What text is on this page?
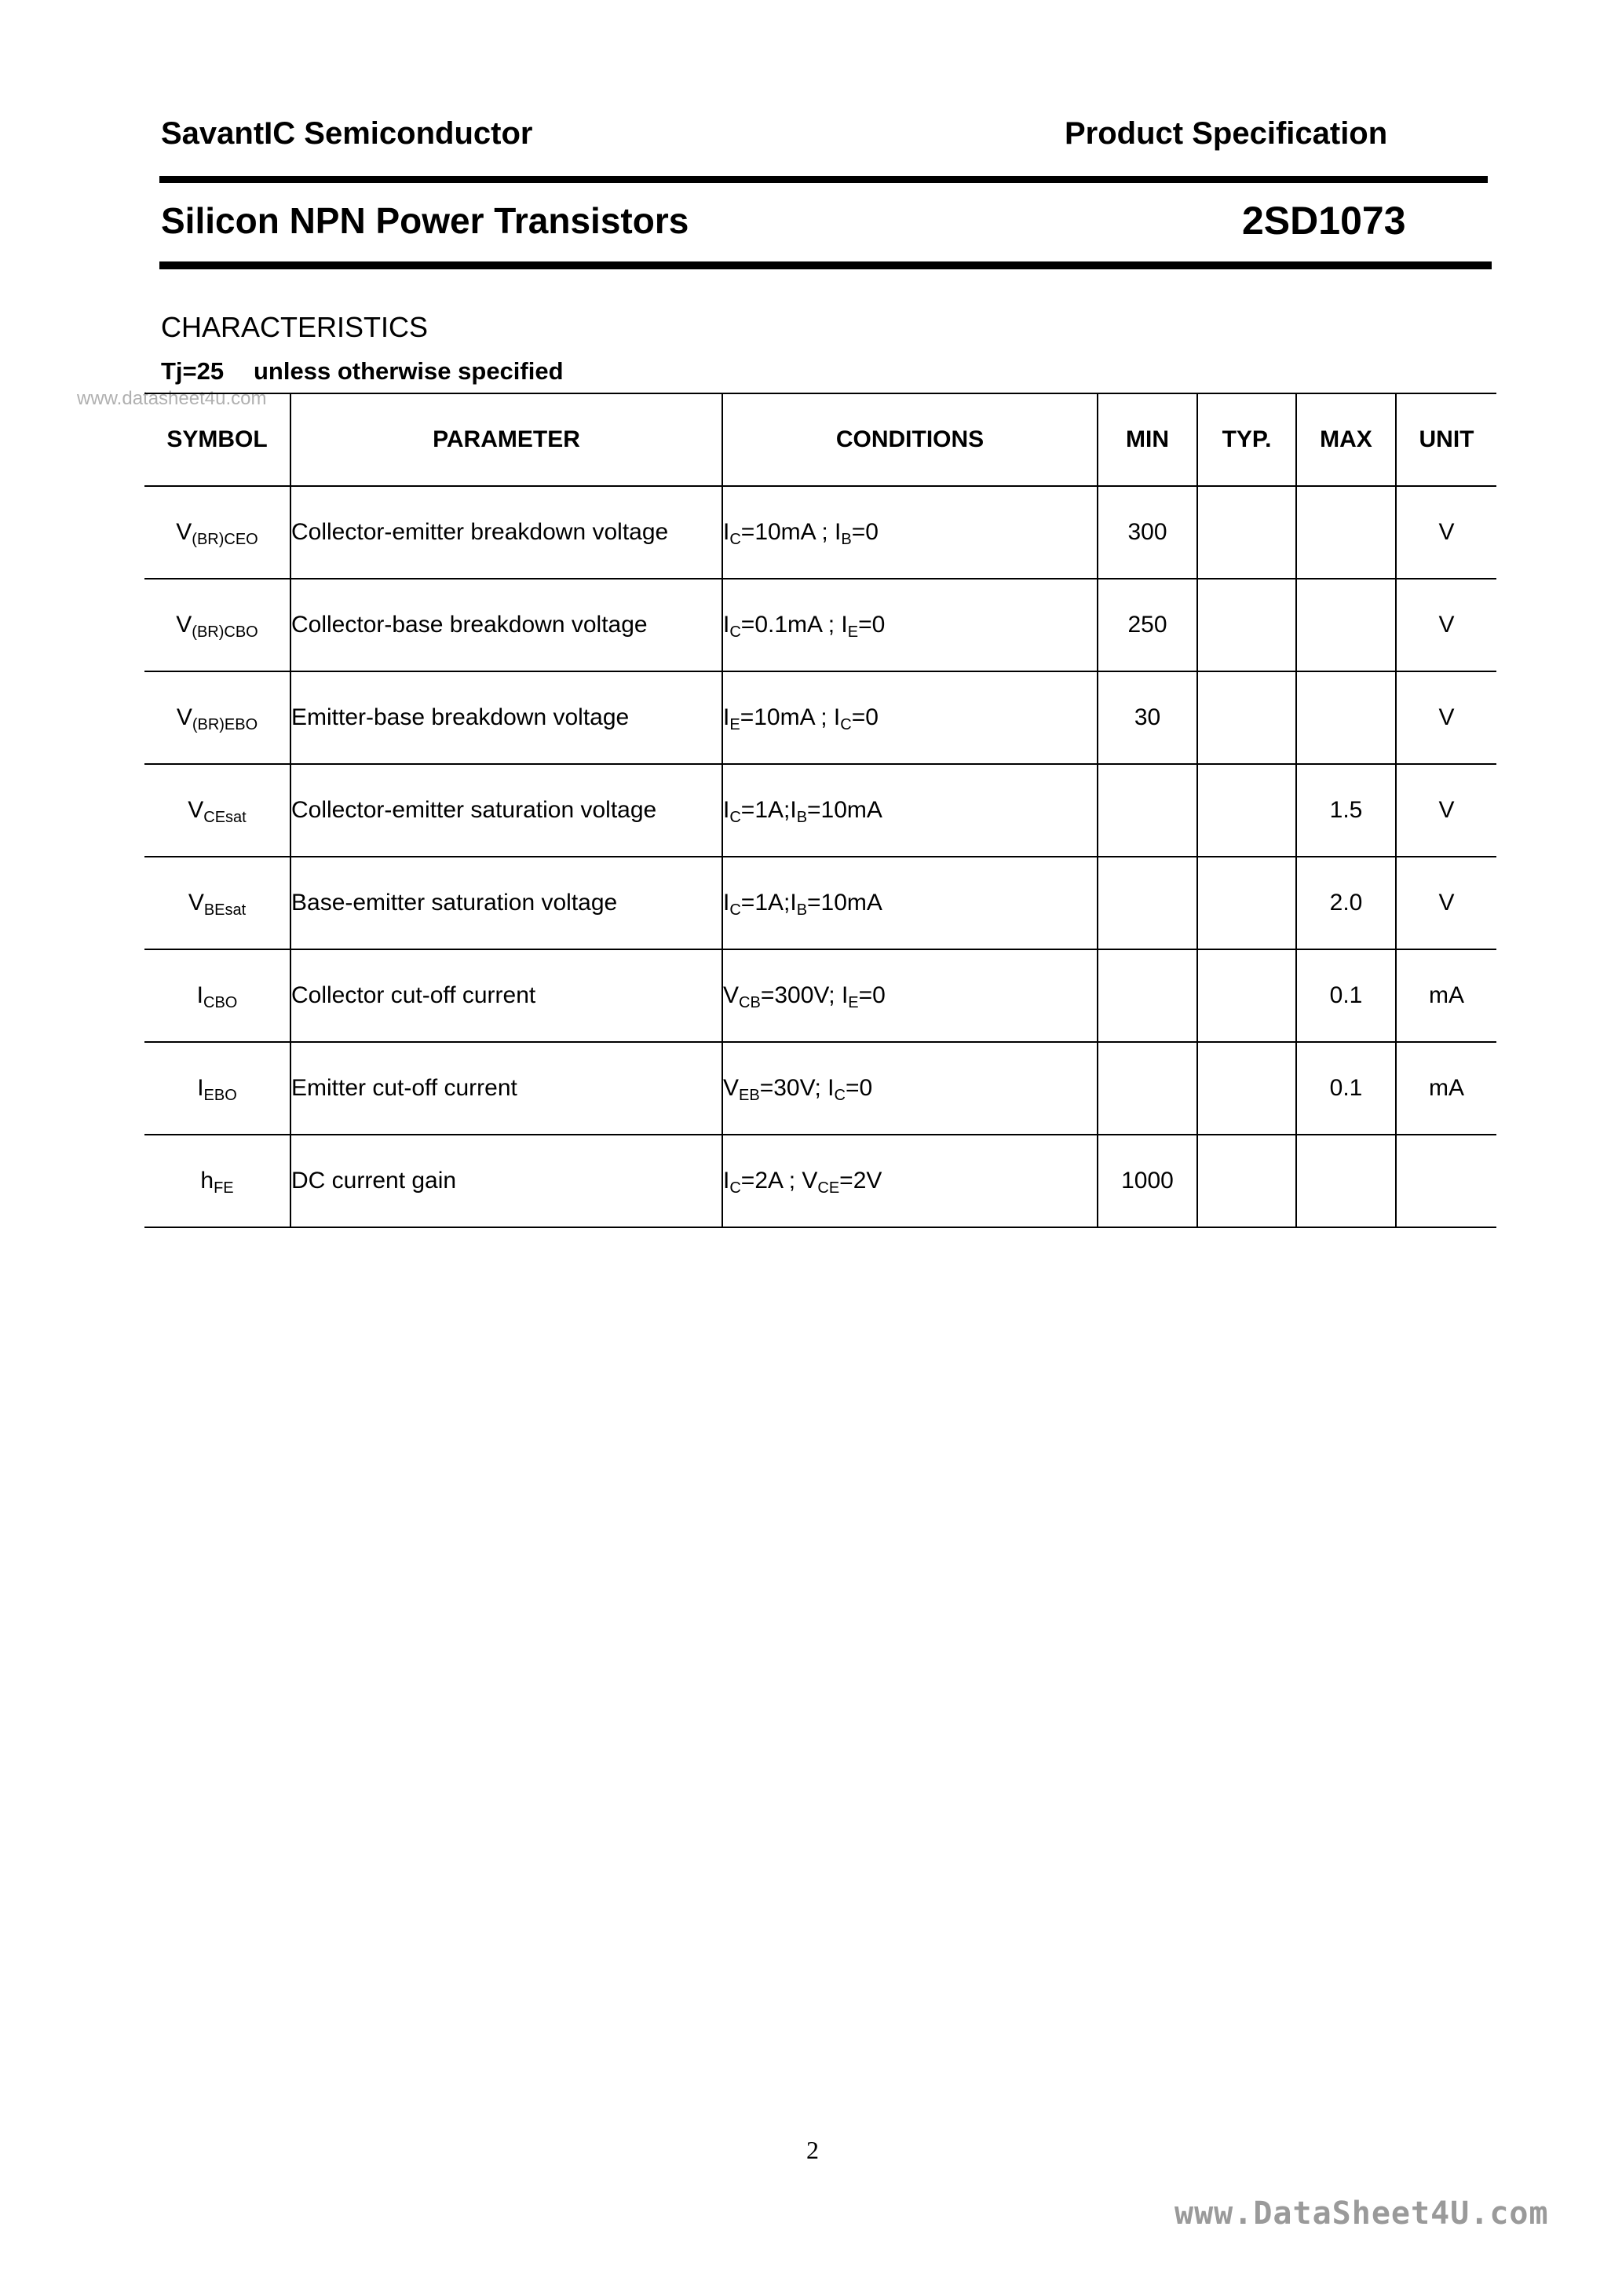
SavantIC Semiconductor	Product Specification
Silicon NPN Power Transistors	2SD1073
CHARACTERISTICS
Tj=25 unless otherwise specified
www.datasheet4u.com
SYMBOL	PARAMETER	CONDITIONS	MIN	TYP.	MAX	UNIT
$V_{(BR)CEO}$	Collector-emitter breakdown voltage	$I_C=10mA$ ; $I_B=0$	300			V
$V_{(BR)CBO}$	Collector-base breakdown voltage	$I_C=0.1mA$ ; $I_E=0$	250			V
$V_{(BR)EBO}$	Emitter-base breakdown voltage	$I_E=10mA$ ; $I_C=0$	30			V
$V_{CEsat}$	Collector-emitter saturation voltage	$I_C=1A;I_B=10mA$			1.5	V
$V_{BEsat}$	Base-emitter saturation voltage	$I_C=1A;I_B=10mA$			2.0	V
$I_{CBO}$	Collector cut-off current	$V_{CB}=300V$; $I_E=0$			0.1	mA
$I_{EBO}$	Emitter cut-off current	$V_{EB}=30V$; $I_C=0$			0.1	mA
$h_{FE}$	DC current gain	$I_C=2A$ ; $V_{CE}=2V$	1000			
2
www.DataSheet4U.com
